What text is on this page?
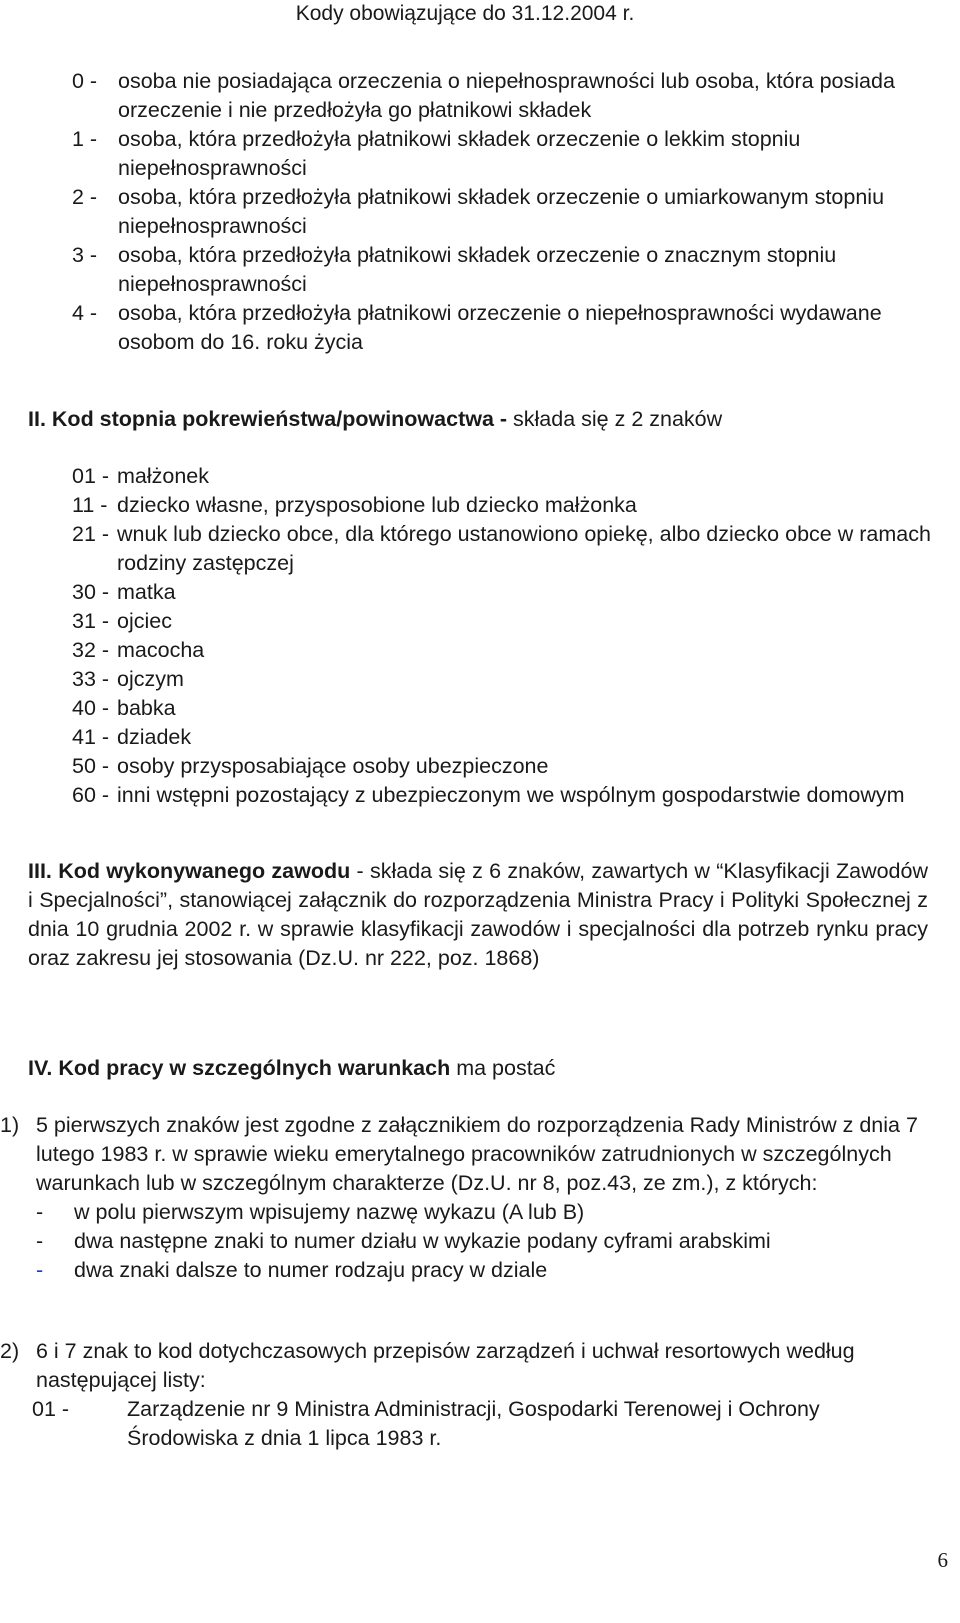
Kody obowiązujące do 31.12.2004 r.
0 - osoba nie posiadająca orzeczenia o niepełnosprawności lub osoba, która posiada orzeczenie i nie przedłożyła go płatnikowi składek
1 - osoba, która przedłożyła płatnikowi składek orzeczenie o lekkim stopniu niepełnosprawności
2 - osoba, która przedłożyła płatnikowi składek orzeczenie o umiarkowanym stopniu niepełnosprawności
3 - osoba, która przedłożyła płatnikowi składek orzeczenie o znacznym stopniu niepełnosprawności
4 - osoba, która przedłożyła płatnikowi orzeczenie o niepełnosprawności wydawane osobom do 16. roku życia
II. Kod stopnia pokrewieństwa/powinowactwa - składa się z 2 znaków
01 - małżonek
11 - dziecko własne, przysposobione lub dziecko małżonka
21 - wnuk lub dziecko obce, dla którego ustanowiono opiekę, albo dziecko obce w ramach rodziny zastępczej
30 - matka
31 - ojciec
32 - macocha
33 - ojczym
40 - babka
41 - dziadek
50 - osoby przysposabiające osoby ubezpieczone
60 - inni wstępni pozostający z ubezpieczonym we wspólnym gospodarstwie domowym
III. Kod wykonywanego zawodu - składa się z 6 znaków, zawartych w “Klasyfikacji Zawodów i Specjalności”, stanowiącej załącznik do rozporządzenia Ministra Pracy i Polityki Społecznej z dnia 10 grudnia 2002 r. w sprawie klasyfikacji zawodów i specjalności dla potrzeb rynku pracy oraz zakresu jej stosowania (Dz.U. nr 222, poz. 1868)
IV. Kod pracy w szczególnych warunkach ma postać
1) 5 pierwszych znaków jest zgodne z załącznikiem do rozporządzenia Rady Ministrów z dnia 7 lutego 1983 r. w sprawie wieku emerytalnego pracowników zatrudnionych w szczególnych warunkach lub w szczególnym charakterze (Dz.U. nr 8, poz.43, ze zm.), z których:
- w polu pierwszym wpisujemy nazwę wykazu (A lub B)
- dwa następne znaki to numer działu w wykazie podany cyframi arabskimi
- dwa znaki dalsze to numer rodzaju pracy w dziale
2) 6 i 7 znak to kod dotychczasowych przepisów zarządzeń i uchwał resortowych według następującej listy:
01 -	Zarządzenie nr 9 Ministra Administracji, Gospodarki Terenowej i Ochrony Środowiska z dnia 1 lipca 1983 r.
6
